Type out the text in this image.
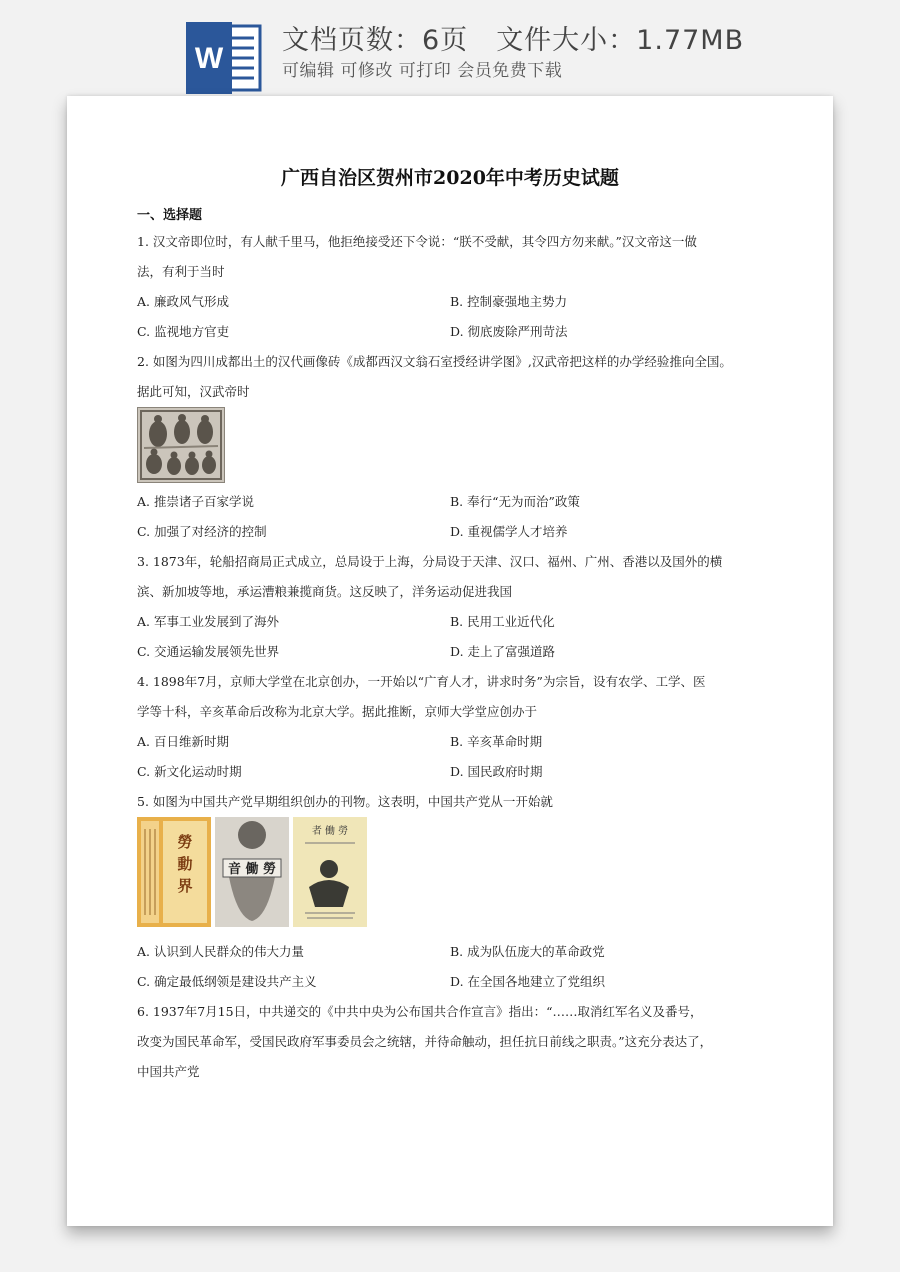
W
文档页数：6页 文件大小：1.77MB
可编辑 可修改 可打印 会员免费下载
广西自治区贺州市2020年中考历史试题
一、选择题
1. 汉文帝即位时，有人献千里马，他拒绝接受还下令说：“朕不受献，其令四方勿来献。”汉文帝这一做
法，有利于当时
A. 廉政风气形成	B. 控制豪强地主势力
C. 监视地方官吏	D. 彻底废除严刑苛法
2. 如图为四川成都出土的汉代画像砖《成都西汉文翁石室授经讲学图》,汉武帝把这样的办学经验推向全国。
据此可知，汉武帝时
A. 推崇诸子百家学说	B. 奉行“无为而治”政策
C. 加强了对经济的控制	D. 重视儒学人才培养
3. 1873年，轮船招商局正式成立，总局设于上海，分局设于天津、汉口、福州、广州、香港以及国外的横
滨、新加坡等地，承运漕粮兼揽商货。这反映了，洋务运动促进我国
A. 军事工业发展到了海外	B. 民用工业近代化
C. 交通运输发展领先世界	D. 走上了富强道路
4. 1898年7月，京师大学堂在北京创办，一开始以“广育人才，讲求时务”为宗旨，设有农学、工学、医
学等十科，辛亥革命后改称为北京大学。据此推断，京师大学堂应创办于
A. 百日维新时期	B. 辛亥革命时期
C. 新文化运动时期	D. 国民政府时期
5. 如图为中国共产党早期组织创办的刊物。这表明，中国共产党从一开始就
勞
動
界
音 働 勞
者 働 勞
A. 认识到人民群众的伟大力量	B. 成为队伍庞大的革命政党
C. 确定最低纲领是建设共产主义	D. 在全国各地建立了党组织
6. 1937年7月15日，中共递交的《中共中央为公布国共合作宣言》指出：“……取消红军名义及番号，
改变为国民革命军，受国民政府军事委员会之统辖，并待命触动，担任抗日前线之职责。”这充分表达了，
中国共产党
